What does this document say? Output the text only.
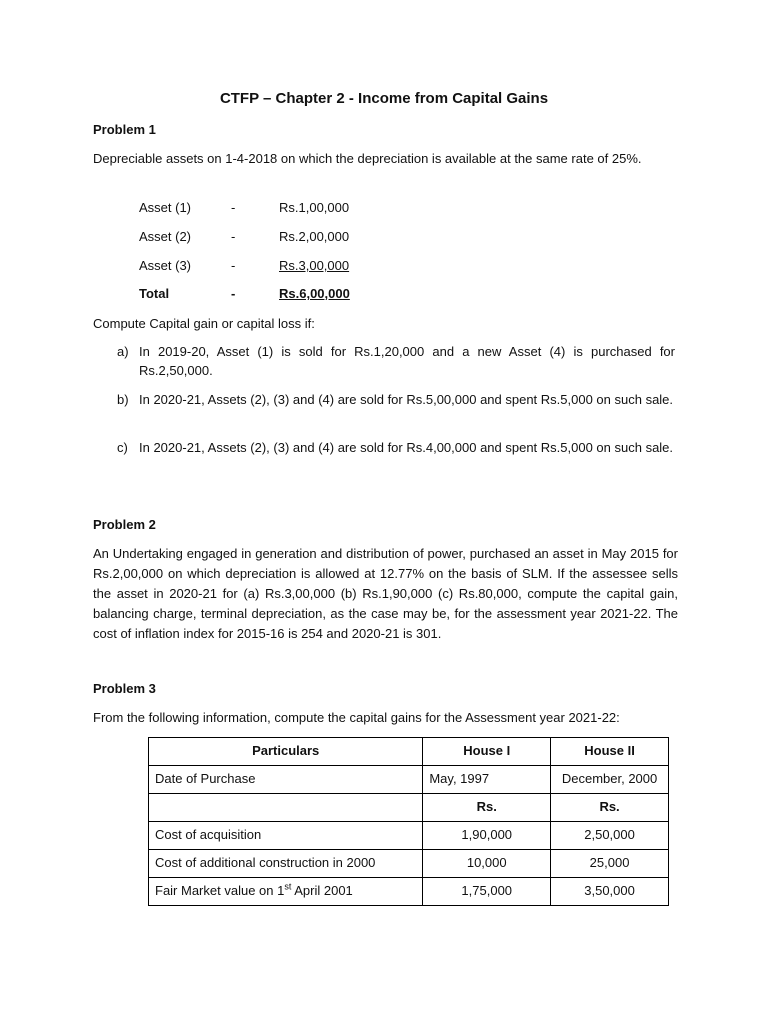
CTFP – Chapter 2 - Income from Capital Gains
Problem 1
Depreciable assets on 1-4-2018 on which the depreciation is available at the same rate of 25%.
Asset (1)	-	Rs.1,00,000
Asset (2)	-	Rs.2,00,000
Asset (3)	-	Rs.3,00,000
Total	-	Rs.6,00,000
Compute Capital gain or capital loss if:
a) In 2019-20, Asset (1) is sold for Rs.1,20,000 and a new Asset (4) is purchased for Rs.2,50,000.
b) In 2020-21, Assets (2), (3) and (4) are sold for Rs.5,00,000 and spent Rs.5,000 on such sale.
c) In 2020-21, Assets (2), (3) and (4) are sold for Rs.4,00,000 and spent Rs.5,000 on such sale.
Problem 2
An Undertaking engaged in generation and distribution of power, purchased an asset in May 2015 for Rs.2,00,000 on which depreciation is allowed at 12.77% on the basis of SLM. If the assessee sells the asset in 2020-21 for (a) Rs.3,00,000 (b) Rs.1,90,000 (c) Rs.80,000, compute the capital gain, balancing charge, terminal depreciation, as the case may be, for the assessment year 2021-22. The cost of inflation index for 2015-16 is 254 and 2020-21 is 301.
Problem 3
From the following information, compute the capital gains for the Assessment year 2021-22:
Particulars	House I	House II
Date of Purchase	May, 1997	December, 2000
	Rs.	Rs.
Cost of acquisition	1,90,000	2,50,000
Cost of additional construction in 2000	10,000	25,000
Fair Market value on 1st April 2001	1,75,000	3,50,000
